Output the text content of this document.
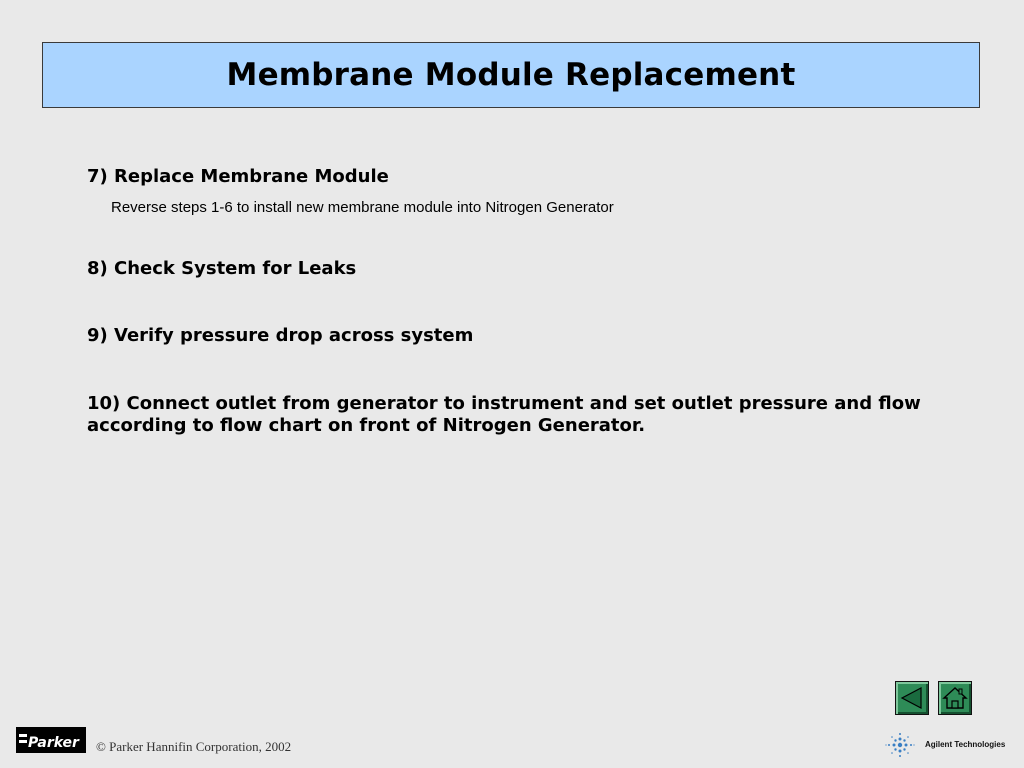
Membrane Module Replacement
7) Replace Membrane Module
Reverse steps 1-6 to install new membrane module into Nitrogen Generator
8) Check System for Leaks
9) Verify pressure drop across system
10) Connect outlet from generator to instrument and set outlet pressure and flow according to flow chart on front of Nitrogen Generator.
Parker © Parker Hannifin Corporation, 2002	Agilent Technologies
